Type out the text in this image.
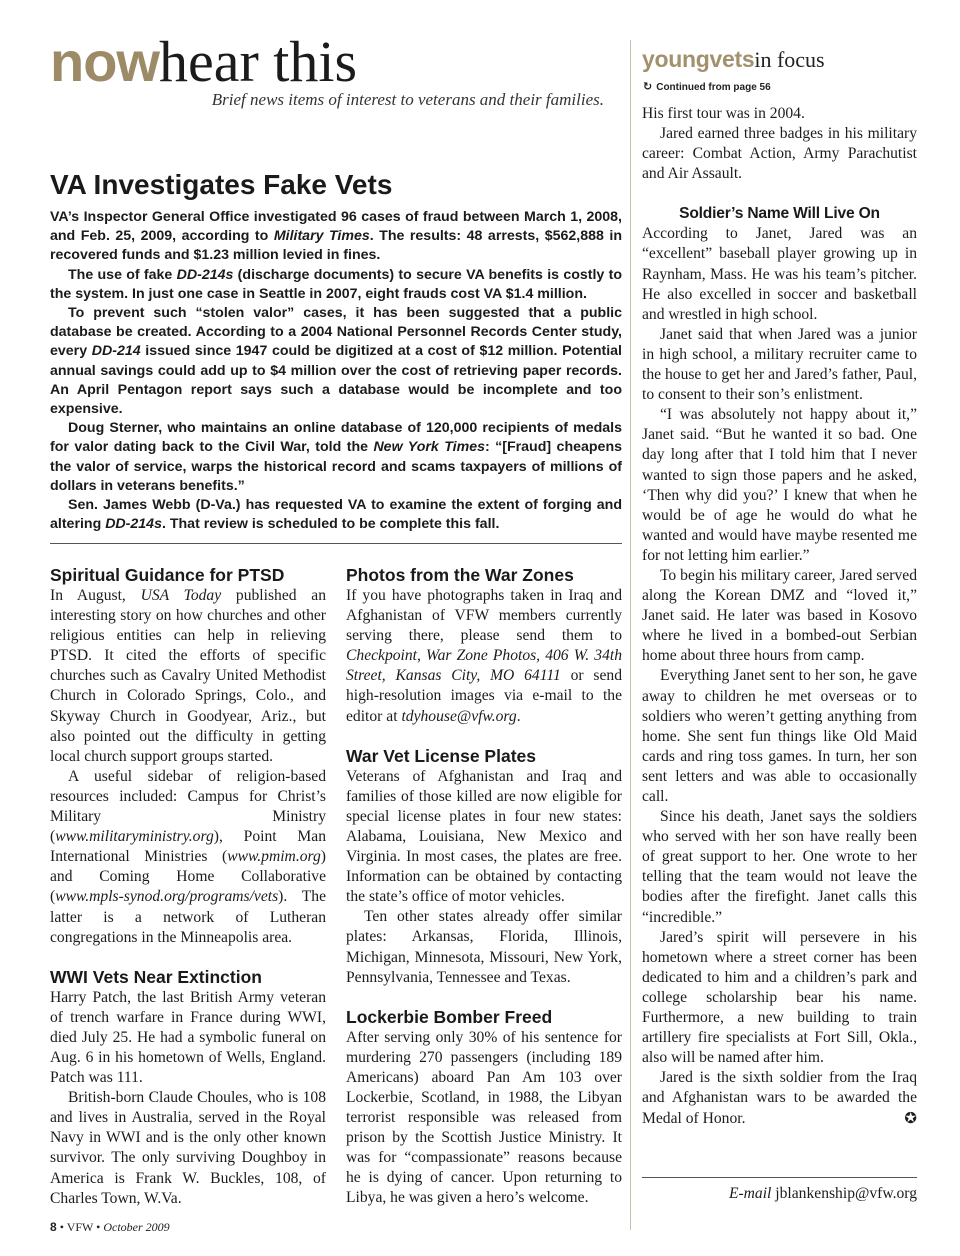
nowhear this
Brief news items of interest to veterans and their families.
VA Investigates Fake Vets

VA’s Inspector General Office investigated 96 cases of fraud between March 1, 2008, and Feb. 25, 2009, according to Military Times. The results: 48 arrests, $562,888 in recovered funds and $1.23 million levied in fines.

The use of fake DD-214s (discharge documents) to secure VA benefits is costly to the system. In just one case in Seattle in 2007, eight frauds cost VA $1.4 million.

To prevent such “stolen valor” cases, it has been suggested that a public database be created. According to a 2004 National Personnel Records Center study, every DD-214 issued since 1947 could be digitized at a cost of $12 million. Potential annual savings could add up to $4 million over the cost of retrieving paper records. An April Pentagon report says such a database would be incomplete and too expensive.

Doug Sterner, who maintains an online database of 120,000 recipients of medals for valor dating back to the Civil War, told the New York Times: “[Fraud] cheapens the valor of service, warps the historical record and scams taxpayers of millions of dollars in veterans benefits.”

Sen. James Webb (D-Va.) has requested VA to examine the extent of forging and altering DD-214s. That review is scheduled to be complete this fall.

Spiritual Guidance for PTSD

In August, USA Today published an interesting story on how churches and other religious entities can help in relieving PTSD. It cited the efforts of specific churches such as Cavalry United Methodist Church in Colorado Springs, Colo., and Skyway Church in Goodyear, Ariz., but also pointed out the difficulty in getting local church support groups started.

A useful sidebar of religion-based resources included: Campus for Christ’s Military Ministry (www.militaryministry.org), Point Man International Ministries (www.pmim.org) and Coming Home Collaborative (www.mpls-synod.org/programs/vets). The latter is a network of Lutheran congregations in the Minneapolis area.

WWI Vets Near Extinction

Harry Patch, the last British Army veteran of trench warfare in France during WWI, died July 25. He had a symbolic funeral on Aug. 6 in his hometown of Wells, England. Patch was 111.

British-born Claude Choules, who is 108 and lives in Australia, served in the Royal Navy in WWI and is the only other known survivor. The only surviving Doughboy in America is Frank W. Buckles, 108, of Charles Town, W.Va.

Photos from the War Zones

If you have photographs taken in Iraq and Afghanistan of VFW members currently serving there, please send them to Checkpoint, War Zone Photos, 406 W. 34th Street, Kansas City, MO 64111 or send high-resolution images via e-mail to the editor at tdyhouse@vfw.org.

War Vet License Plates

Veterans of Afghanistan and Iraq and families of those killed are now eligible for special license plates in four new states: Alabama, Louisiana, New Mexico and Virginia. In most cases, the plates are free. Information can be obtained by contacting the state’s office of motor vehicles.

Ten other states already offer similar plates: Arkansas, Florida, Illinois, Michigan, Minnesota, Missouri, New York, Pennsylvania, Tennessee and Texas.

Lockerbie Bomber Freed

After serving only 30% of his sentence for murdering 270 passengers (including 189 Americans) aboard Pan Am 103 over Lockerbie, Scotland, in 1988, the Libyan terrorist responsible was released from prison by the Scottish Justice Ministry. It was for “compassionate” reasons because he is dying of cancer. Upon returning to Libya, he was given a hero’s welcome.

youngvetsin focus
↻ Continued from page 56

His first tour was in 2004.

Jared earned three badges in his military career: Combat Action, Army Parachutist and Air Assault.

Soldier’s Name Will Live On

According to Janet, Jared was an “excellent” baseball player growing up in Raynham, Mass. He was his team’s pitcher. He also excelled in soccer and basketball and wrestled in high school.

Janet said that when Jared was a junior in high school, a military recruiter came to the house to get her and Jared’s father, Paul, to consent to their son’s enlistment.

“I was absolutely not happy about it,” Janet said. “But he wanted it so bad. One day long after that I told him that I never wanted to sign those papers and he asked, ‘Then why did you?’ I knew that when he would be of age he would do what he wanted and would have maybe resented me for not letting him earlier.”

To begin his military career, Jared served along the Korean DMZ and “loved it,” Janet said. He later was based in Kosovo where he lived in a bombed-out Serbian home about three hours from camp.

Everything Janet sent to her son, he gave away to children he met overseas or to soldiers who weren’t getting anything from home. She sent fun things like Old Maid cards and ring toss games. In turn, her son sent letters and was able to occasionally call.

Since his death, Janet says the soldiers who served with her son have really been of great support to her. One wrote to her telling that the team would not leave the bodies after the firefight. Janet calls this “incredible.”

Jared’s spirit will persevere in his hometown where a street corner has been dedicated to him and a children’s park and college scholarship bear his name. Furthermore, a new building to train artillery fire specialists at Fort Sill, Okla., also will be named after him.

Jared is the sixth soldier from the Iraq and Afghanistan wars to be awarded the Medal of Honor.	✪

E-mail jblankenship@vfw.org
8 • VFW • October 2009
